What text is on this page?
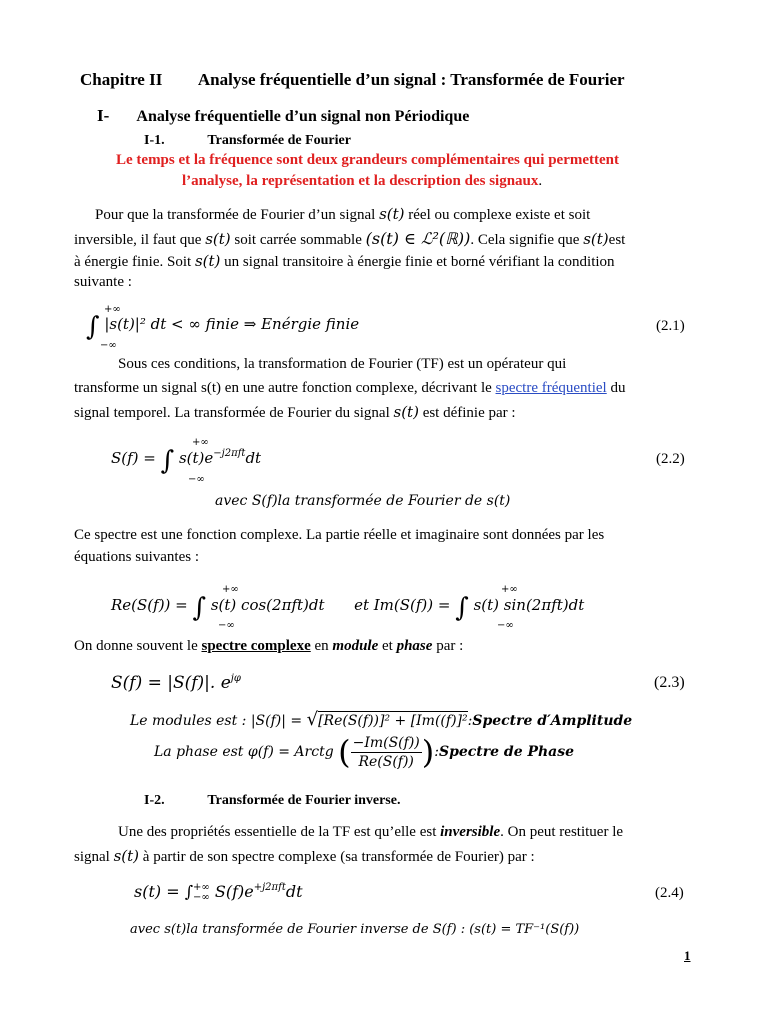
Chapitre II Analyse fréquentielle d’un signal : Transformée de Fourier
I- Analyse fréquentielle d’un signal non Périodique
I-1.	Transformée de Fourier
Le temps et la fréquence sont deux grandeurs complémentaires qui permettent
l’analyse, la représentation et la description des signaux.
Pour que la transformée de Fourier d’un signal s(t) réel ou complexe existe et soit
inversible, il faut que s(t) soit carrée sommable (s(t) ∈ ℒ²(ℝ)). Cela signifie que s(t)est
à énergie finie. Soit s(t) un signal transitoire à énergie finie et borné vérifiant la condition
suivante :
∫ |s(t)|² dt < ∞ finie ⇒ Enérgie finie
+∞
−∞
(2.1)
Sous ces conditions, la transformation de Fourier (TF) est un opérateur qui
transforme un signal s(t) en une autre fonction complexe, décrivant le spectre fréquentiel du
signal temporel. La transformée de Fourier du signal s(t) est définie par :
S(f) = ∫ $s(t)e^{-j2\pi ft}dt$
+∞
−∞
(2.2)
avec S(f)la transformée de Fourier de s(t)
Ce spectre est une fonction complexe. La partie réelle et imaginaire sont données par les
équations suivantes :
Re(S(f)) = ∫ s(t) cos(2πft)dt et Im(S(f)) = ∫ s(t) sin(2πft)dt
+∞
−∞
+∞
−∞
On donne souvent le spectre complexe en module et phase par :
S(f) = |S(f)|. $e^{j\varphi}$	(2.3)
Le modules est : |S(f)| = √[Re(S(f))]² + [Im((f)]²:Spectre d′Amplitude
La phase est φ(f) = Arctg ( $\frac{-Im(S(f))}{Re(S(f))}$ ):Spectre de Phase
I-2.	Transformée de Fourier inverse.
Une des propriétés essentielle de la TF est qu’elle est inversible. On peut restituer le
signal s(t) à partir de son spectre complexe (sa transformée de Fourier) par :
s(t) = ∫ +∞
−∞ $S(f)e^{+j2\pi ft}dt$	(2.4)
avec s(t)la transformée de Fourier inverse de S(f) : (s(t) = TF⁻¹(S(f))
1
